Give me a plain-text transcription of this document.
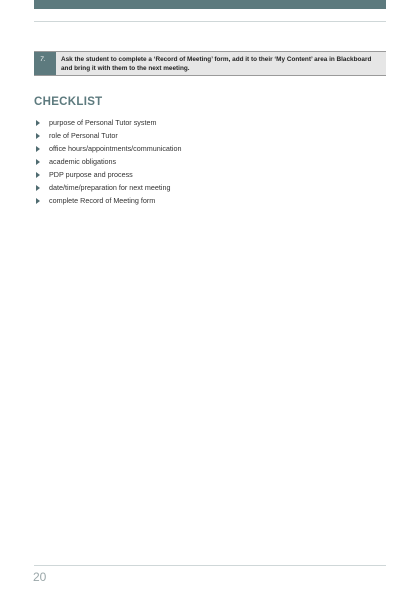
7.	Ask the student to complete a ‘Record of Meeting’ form, add it to their ‘My Content’ area in Blackboard and bring it with them to the next meeting.
CHECKLIST
purpose of Personal Tutor system
role of Personal Tutor
office hours/appointments/communication
academic obligations
PDP purpose and process
date/time/preparation for next meeting
complete Record of Meeting form
20
